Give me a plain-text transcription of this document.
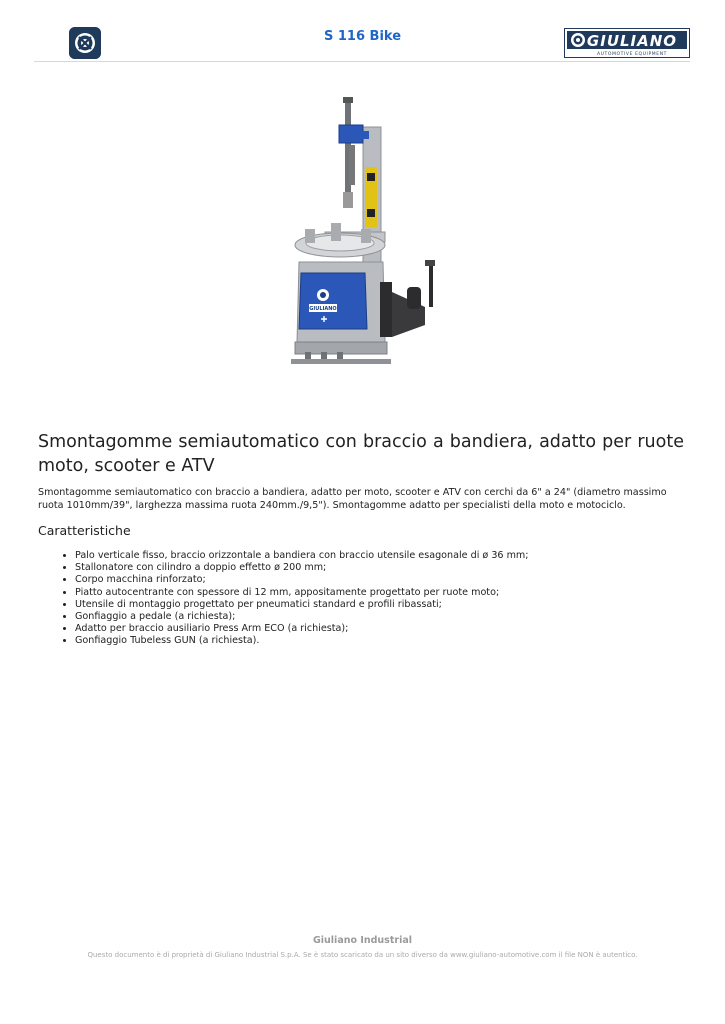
S 116 Bike	GIULIANO
AUTOMOTIVE EQUIPMENT
GIULIANO
Smontagomme semiautomatico con braccio a bandiera, adatto per ruote moto, scooter e ATV

Smontagomme semiautomatico con braccio a bandiera, adatto per moto, scooter e ATV con cerchi da 6" a 24" (diametro massimo ruota 1010mm/39", larghezza massima ruota 240mm./9,5"). Smontagomme adatto per specialisti della moto e motociclo.

Caratteristiche
• Palo verticale fisso, braccio orizzontale a bandiera con braccio utensile esagonale di ø 36 mm;
• Stallonatore con cilindro a doppio effetto ø 200 mm;
• Corpo macchina rinforzato;
• Piatto autocentrante con spessore di 12 mm, appositamente progettato per ruote moto;
• Utensile di montaggio progettato per pneumatici standard e profili ribassati;
• Gonfiaggio a pedale (a richiesta);
• Adatto per braccio ausiliario Press Arm ECO (a richiesta);
• Gonfiaggio Tubeless GUN (a richiesta).
Giuliano Industrial
Questo documento è di proprietà di Giuliano Industrial S.p.A. Se è stato scaricato da un sito diverso da www.giuliano-automotive.com il file NON è autentico.
